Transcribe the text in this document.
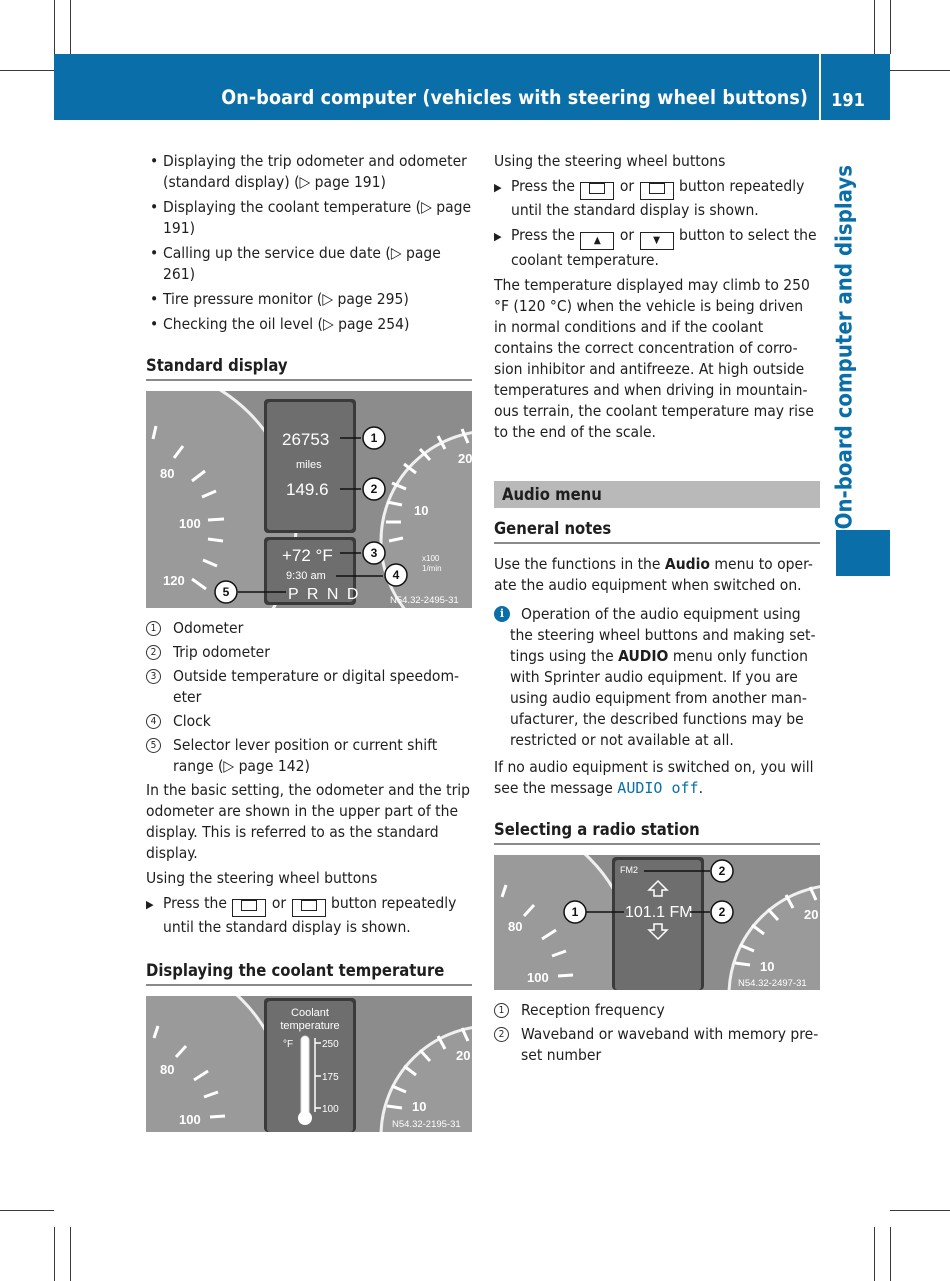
On-board computer (vehicles with steering wheel buttons) 191
On-board computer and displays
• Displaying the trip odometer and odometer (standard display) (▷ page 191)
• Displaying the coolant temperature (▷ page 191)
• Calling up the service due date (▷ page 261)
• Tire pressure monitor (▷ page 295)
• Checking the oil level (▷ page 254)
Standard display
80
100
120
20
10
x100
1/min
26753
miles
149.6
+72 °F
9:30 am
P R N D
1
2
3
4
5
N54.32-2495-31
1 Odometer
2 Trip odometer
3 Outside temperature or digital speedom-eter
4 Clock
5 Selector lever position or current shift range (▷ page 142)

In the basic setting, the odometer and the trip odometer are shown in the upper part of the display. This is referred to as the standard display.

Using the steering wheel buttons

▶ Press the	or	button repeatedly until the standard display is shown.
Displaying the coolant temperature
80
100
20
10
Coolant
temperature
°F	250
175
100
N54.32-2195-31

Using the steering wheel buttons

▶ Press the	or	button repeatedly until the standard display is shown.
▶ Press the ▲ or ▼ button to select the coolant temperature.

The temperature displayed may climb to 250 °F (120 °C) when the vehicle is being driven in normal conditions and if the coolant contains the correct concentration of corro-sion inhibitor and antifreeze. At high outside temperatures and when driving in mountain-ous terrain, the coolant temperature may rise to the end of the scale.

Audio menu
General notes

Use the functions in the Audio menu to oper-ate the audio equipment when switched on.

i	Operation of the audio equipment using the steering wheel buttons and making set-tings using the AUDIO menu only function with Sprinter audio equipment. If you are using audio equipment from another man-ufacturer, the described functions may be restricted or not available at all.

If no audio equipment is switched on, you will see the message AUDIO off.

Selecting a radio station
80
100
20
10
FM2
101.1 FM
1
2
2
N54.32-2497-31
1 Reception frequency
2 Waveband or waveband with memory pre-set number
